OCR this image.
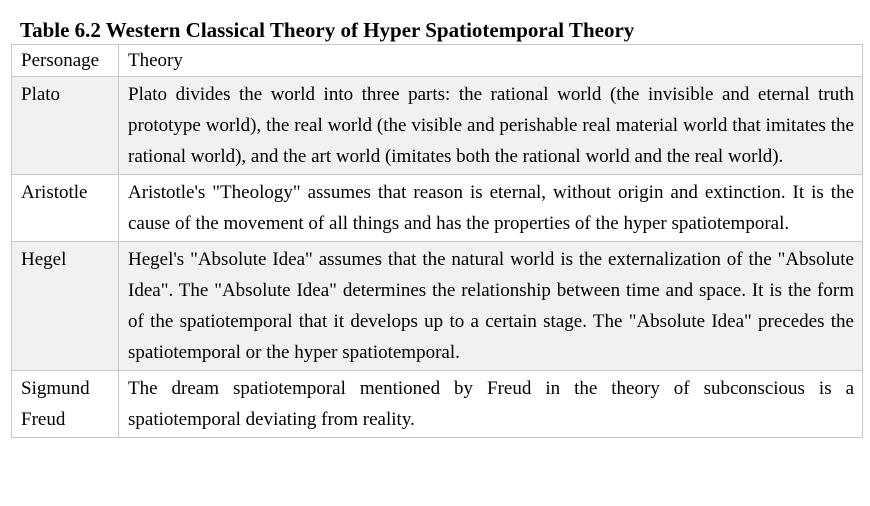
Table 6.2 Western Classical Theory of Hyper Spatiotemporal Theory
Personage	Theory
Plato	Plato divides the world into three parts: the rational world (the invisible and eternal truth prototype world), the real world (the visible and perishable real material world that imitates the rational world), and the art world (imitates both the rational world and the real world).
Aristotle	Aristotle's "Theology" assumes that reason is eternal, without origin and extinction. It is the cause of the movement of all things and has the properties of the hyper spatiotemporal.
Hegel	Hegel's "Absolute Idea" assumes that the natural world is the externalization of the "Absolute Idea". The "Absolute Idea" determines the relationship between time and space. It is the form of the spatiotemporal that it develops up to a certain stage. The "Absolute Idea" precedes the spatiotemporal or the hyper spatiotemporal.
Sigmund Freud	The dream spatiotemporal mentioned by Freud in the theory of subconscious is a spatiotemporal deviating from reality.
